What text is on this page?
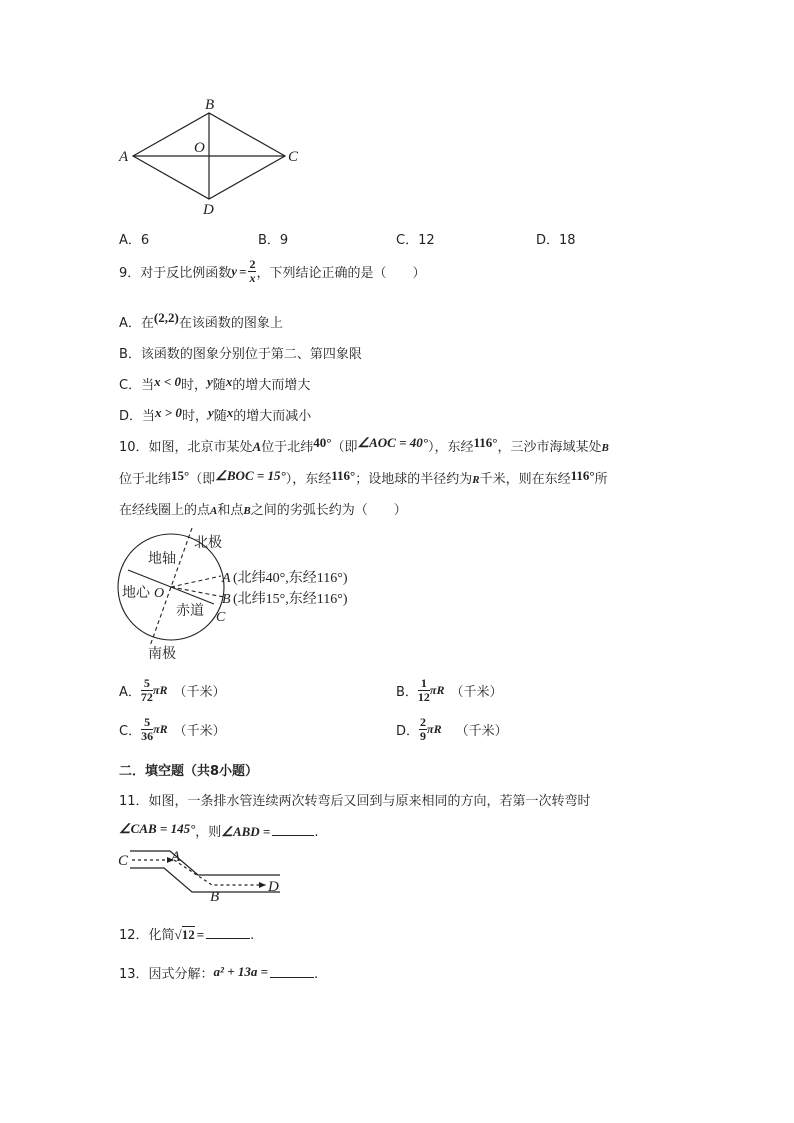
B
A
O
C
D
A．6	B．9	C．12	D．18
9．对于反比例函数$y = \frac{2}{x}$ ，下列结论正确的是（　　）
A．在(2,2)在该函数的图象上
B．该函数的图象分别位于第二、第四象限
C．当x < 0时，y随x的增大而增大
D．当x > 0时，y随x的增大而减小
10．如图，北京市某处A位于北纬40°（即∠AOC = 40°），东经116°，三沙市海域某处B
位于北纬15°（即∠BOC = 15°），东经116°；设地球的半径约为R千米，则在东经116°所
在经线圈上的点A和点B之间的劣弧长约为（　　）
北极
地轴
地心 O
赤道
南极
A (北纬40°,东经116°)
B (北纬15°,东经116°)
C
A． $\frac{5}{72}$ πR （千米）	B． $\frac{1}{12}$ πR （千米）
C． $\frac{5}{36}$ πR （千米）	D． $\frac{2}{9}$ πR （千米）
二．填空题（共8小题）
11．如图，一条排水管连续两次转弯后又回到与原来相同的方向，若第一次转弯时
∠CAB = 145°，则∠ABD =	.
C	A
B
D
12．化简√12 =	.
13．因式分解：a² + 13a =	.
